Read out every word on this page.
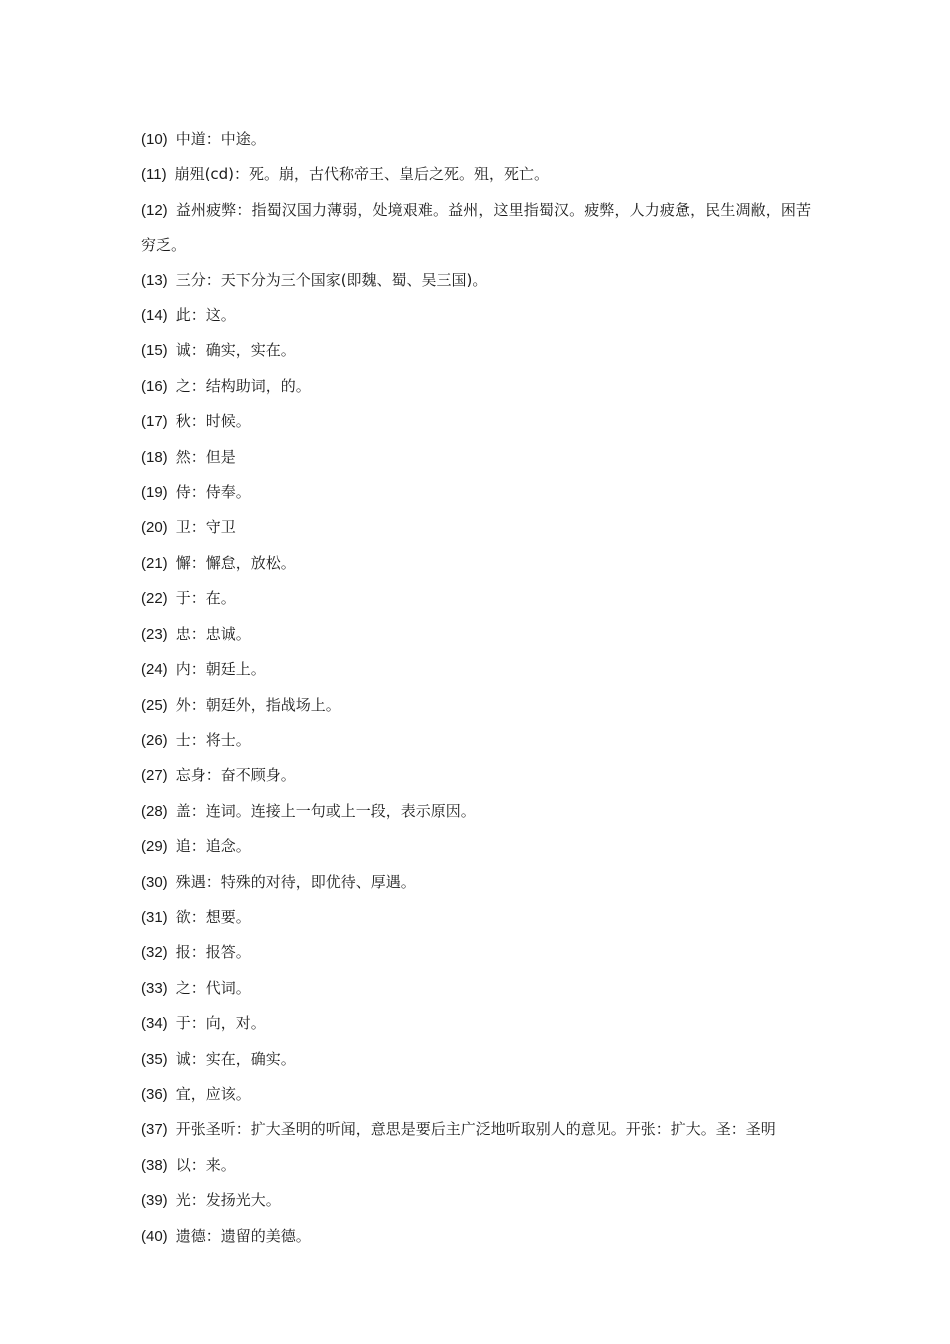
(10) 中道：中途。
(11) 崩殂(cd)：死。崩，古代称帝王、皇后之死。殂，死亡。
(12) 益州疲弊：指蜀汉国力薄弱，处境艰难。益州，这里指蜀汉。疲弊，人力疲惫，民生凋敝，困苦穷乏。
(13) 三分：天下分为三个国家(即魏、蜀、吴三国)。
(14) 此：这。
(15) 诚：确实，实在。
(16) 之：结构助词，的。
(17) 秋：时候。
(18) 然：但是
(19) 侍：侍奉。
(20) 卫：守卫
(21) 懈：懈怠，放松。
(22) 于：在。
(23) 忠：忠诚。
(24) 内：朝廷上。
(25) 外：朝廷外，指战场上。
(26) 士：将士。
(27) 忘身：奋不顾身。
(28) 盖：连词。连接上一句或上一段，表示原因。
(29) 追：追念。
(30) 殊遇：特殊的对待，即优待、厚遇。
(31) 欲：想要。
(32) 报：报答。
(33) 之：代词。
(34) 于：向，对。
(35) 诚：实在，确实。
(36) 宜，应该。
(37) 开张圣听：扩大圣明的听闻，意思是要后主广泛地听取别人的意见。开张：扩大。圣：圣明
(38) 以：来。
(39) 光：发扬光大。
(40) 遗德：遗留的美德。
